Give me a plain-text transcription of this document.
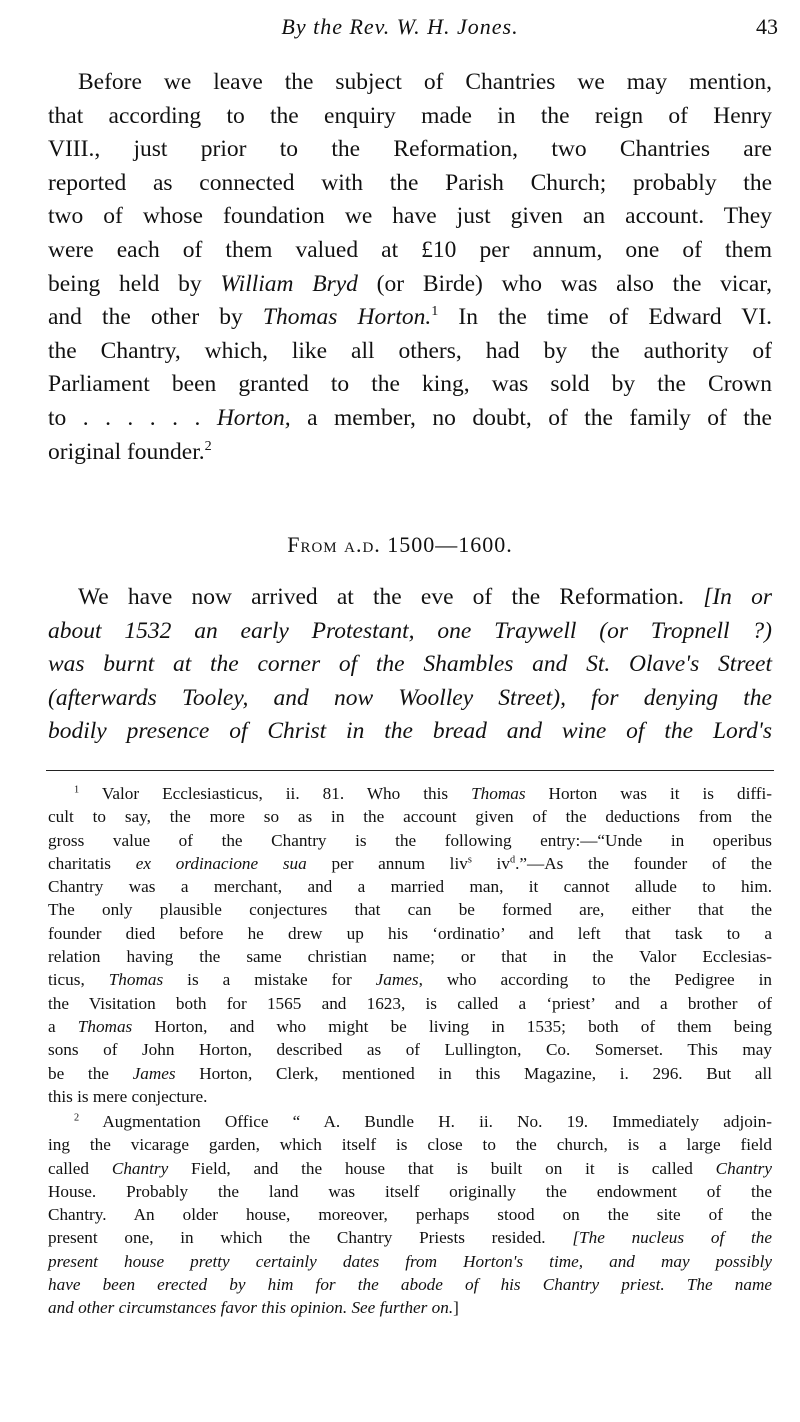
By the Rev. W. H. Jones.	43
Before we leave the subject of Chantries we may mention,
that according to the enquiry made in the reign of Henry
VIII., just prior to the Reformation, two Chantries are
reported as connected with the Parish Church; probably the
two of whose foundation we have just given an account. They
were each of them valued at £10 per annum, one of them
being held by William Bryd (or Birde) who was also the vicar,
and the other by Thomas Horton.$^1$ In the time of Edward VI.
the Chantry, which, like all others, had by the authority of
Parliament been granted to the king, was sold by the Crown
to . . . . . . Horton, a member, no doubt, of the family of the
original founder.$^2$
From a.d. 1500—1600.
We have now arrived at the eve of the Reformation. [In or
about 1532 an early Protestant, one Traywell (or Tropnell ?)
was burnt at the corner of the Shambles and St. Olave's Street
(afterwards Tooley, and now Woolley Street), for denying the
bodily presence of Christ in the bread and wine of the Lord's
$^1$ Valor Ecclesiasticus, ii. 81. Who this Thomas Horton was it is diffi-
cult to say, the more so as in the account given of the deductions from the
gross value of the Chantry is the following entry:—“Unde in operibus
charitatis ex ordinacione sua per annum liv$^s$ $iv^d.”—As$ the founder of the
Chantry was a merchant, and a married man, it cannot allude to him.
The only plausible conjectures that can be formed are, either that the
founder died before he drew up his ‘ordinatio’ and left that task to a
relation having the same christian name; or that in the Valor Ecclesias-
ticus, Thomas is a mistake for James, who according to the Pedigree in
the Visitation both for 1565 and 1623, is called a ‘priest’ and a brother of
a Thomas Horton, and who might be living in 1535; both of them being
sons of John Horton, described as of Lullington, Co. Somerset. This may
be the James Horton, Clerk, mentioned in this Magazine, i. 296. But all
this is mere conjecture.
$^2$ Augmentation Office “ A. Bundle H. ii. No. 19. Immediately adjoin-
ing the vicarage garden, which itself is close to the church, is a large field
called Chantry Field, and the house that is built on it is called Chantry
House. Probably the land was itself originally the endowment of the
Chantry. An older house, moreover, perhaps stood on the site of the
present one, in which the Chantry Priests resided. [The nucleus of the
present house pretty certainly dates from Horton's time, and may possibly
have been erected by him for the abode of his Chantry priest. The name
and other circumstances favor this opinion. See further on.]
